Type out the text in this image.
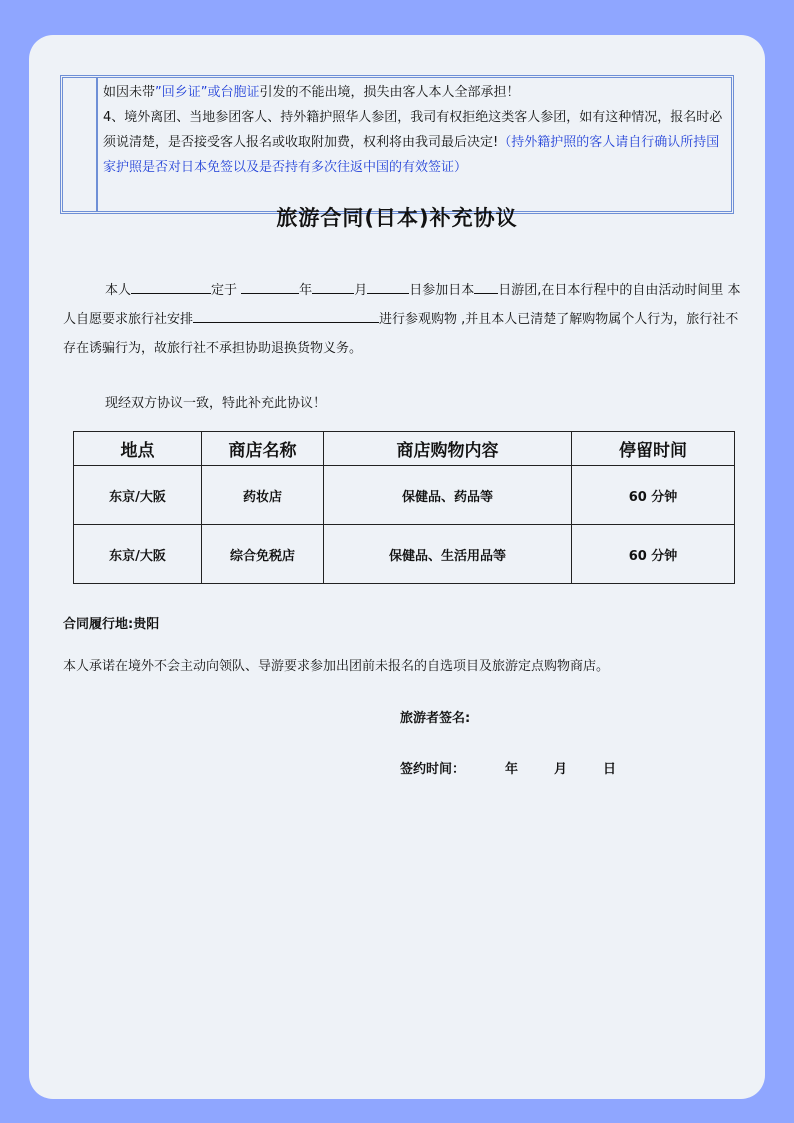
如因未带”回乡证”或台胞证引发的不能出境，损失由客人本人全部承担！
4、境外离团、当地参团客人、持外籍护照华人参团，我司有权拒绝这类客人参团，如有这种情况，报名时必须说清楚，是否接受客人报名或收取附加费，权利将由我司最后决定!（持外籍护照的客人请自行确认所持国家护照是否对日本免签以及是否持有多次往返中国的有效签证）
旅游合同(日本)补充协议
本人	定于	年	月	日参加日本 日游团,在日本行程中的自由活动时间里 本人自愿要求旅行社安排	进行参观购物 ,并且本人已清楚了解购物属个人行为，旅行社不存在诱骗行为，故旅行社不承担协助退换货物义务。
现经双方协议一致，特此补充此协议！
地点	商店名称	商店购物内容	停留时间
东京/大阪	药妆店	保健品、药品等	60 分钟
东京/大阪	综合免税店	保健品、生活用品等	60 分钟
合同履行地:贵阳
本人承诺在境外不会主动向领队、导游要求参加出团前未报名的自选项目及旅游定点购物商店。
旅游者签名:
签约时间：	年	月	日
